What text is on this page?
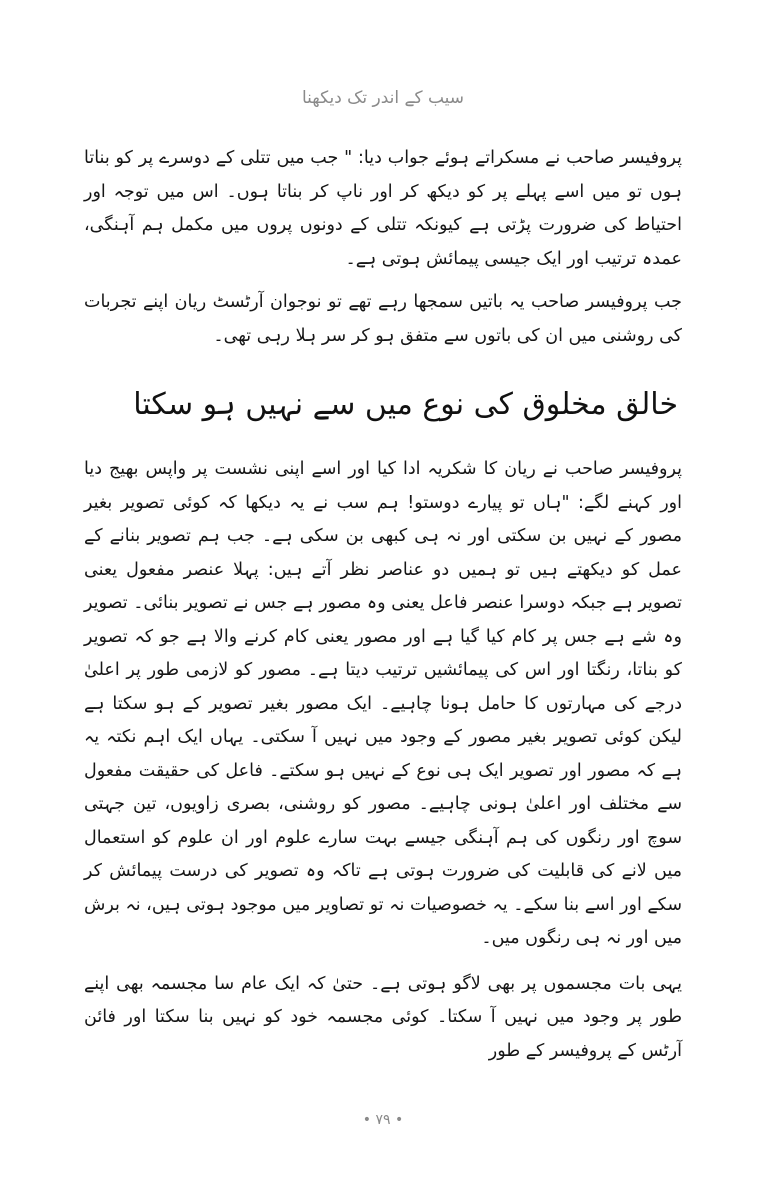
سیب کے اندر تک دیکھنا

پروفیسر صاحب نے مسکراتے ہوئے جواب دیا: " جب میں تتلی کے دوسرے پر کو بناتا ہوں تو میں اسے پہلے پر کو دیکھ کر اور ناپ کر بناتا ہوں۔ اس میں توجہ اور احتیاط کی ضرورت پڑتی ہے کیونکہ تتلی کے دونوں پروں میں مکمل ہم آہنگی، عمدہ ترتیب اور ایک جیسی پیمائش ہوتی ہے۔

جب پروفیسر صاحب یہ باتیں سمجھا رہے تھے تو نوجوان آرٹسٹ ریان اپنے تجربات کی روشنی میں ان کی باتوں سے متفق ہو کر سر ہلا رہی تھی۔

خالق مخلوق کی نوع میں سے نہیں ہو سکتا

پروفیسر صاحب نے ریان کا شکریہ ادا کیا اور اسے اپنی نشست پر واپس بھیج دیا اور کہنے لگے: "ہاں تو پیارے دوستو! ہم سب نے یہ دیکھا کہ کوئی تصویر بغیر مصور کے نہیں بن سکتی اور نہ ہی کبھی بن سکی ہے۔ جب ہم تصویر بنانے کے عمل کو دیکھتے ہیں تو ہمیں دو عناصر نظر آتے ہیں: پہلا عنصر مفعول یعنی تصویر ہے جبکہ دوسرا عنصر فاعل یعنی وہ مصور ہے جس نے تصویر بنائی۔ تصویر وہ شے ہے جس پر کام کیا گیا ہے اور مصور یعنی کام کرنے والا ہے جو کہ تصویر کو بناتا، رنگتا اور اس کی پیمائشیں ترتیب دیتا ہے۔ مصور کو لازمی طور پر اعلیٰ درجے کی مہارتوں کا حامل ہونا چاہیے۔ ایک مصور بغیر تصویر کے ہو سکتا ہے لیکن کوئی تصویر بغیر مصور کے وجود میں نہیں آ سکتی۔ یہاں ایک اہم نکتہ یہ ہے کہ مصور اور تصویر ایک ہی نوع کے نہیں ہو سکتے۔ فاعل کی حقیقت مفعول سے مختلف اور اعلیٰ ہونی چاہیے۔ مصور کو روشنی، بصری زاویوں، تین جہتی سوچ اور رنگوں کی ہم آہنگی جیسے بہت سارے علوم اور ان علوم کو استعمال میں لانے کی قابلیت کی ضرورت ہوتی ہے تاکہ وہ تصویر کی درست پیمائش کر سکے اور اسے بنا سکے۔ یہ خصوصیات نہ تو تصاویر میں موجود ہوتی ہیں، نہ برش میں اور نہ ہی رنگوں میں۔

یہی بات مجسموں پر بھی لاگو ہوتی ہے۔ حتیٰ کہ ایک عام سا مجسمہ بھی اپنے طور پر وجود میں نہیں آ سکتا۔ کوئی مجسمہ خود کو نہیں بنا سکتا اور فائن آرٹس کے پروفیسر کے طور

• ۷۹ •
